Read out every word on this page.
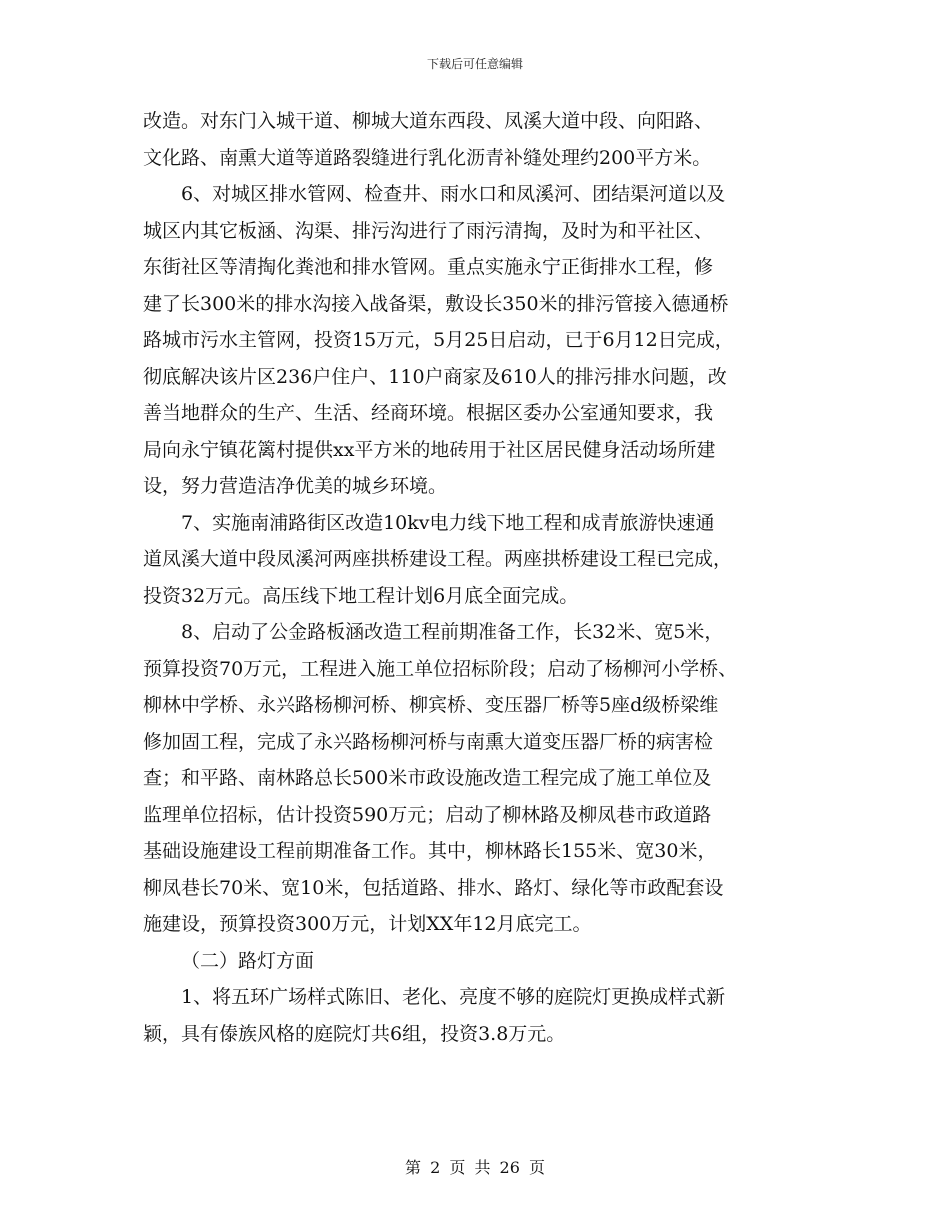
下载后可任意编辑
改造。对东门入城干道、柳城大道东西段、凤溪大道中段、向阳路、
文化路、南熏大道等道路裂缝进行乳化沥青补缝处理约200平方米。
6、对城区排水管网、检查井、雨水口和凤溪河、团结渠河道以及
城区内其它板涵、沟渠、排污沟进行了雨污清掏，及时为和平社区、
东街社区等清掏化粪池和排水管网。重点实施永宁正街排水工程，修
建了长300米的排水沟接入战备渠，敷设长350米的排污管接入德通桥
路城市污水主管网，投资15万元，5月25日启动，已于6月12日完成，
彻底解决该片区236户住户、110户商家及610人的排污排水问题，改
善当地群众的生产、生活、经商环境。根据区委办公室通知要求，我
局向永宁镇花篱村提供xx平方米的地砖用于社区居民健身活动场所建
设，努力营造洁净优美的城乡环境。
7、实施南浦路街区改造10kv电力线下地工程和成青旅游快速通
道凤溪大道中段凤溪河两座拱桥建设工程。两座拱桥建设工程已完成，
投资32万元。高压线下地工程计划6月底全面完成。
8、启动了公金路板涵改造工程前期准备工作，长32米、宽5米，
预算投资70万元，工程进入施工单位招标阶段；启动了杨柳河小学桥、
柳林中学桥、永兴路杨柳河桥、柳宾桥、变压器厂桥等5座d级桥梁维
修加固工程，完成了永兴路杨柳河桥与南熏大道变压器厂桥的病害检
查；和平路、南林路总长500米市政设施改造工程完成了施工单位及
监理单位招标，估计投资590万元；启动了柳林路及柳凤巷市政道路
基础设施建设工程前期准备工作。其中，柳林路长155米、宽30米，
柳凤巷长70米、宽10米，包括道路、排水、路灯、绿化等市政配套设
施建设，预算投资300万元，计划XX年12月底完工。
（二）路灯方面
1、将五环广场样式陈旧、老化、亮度不够的庭院灯更换成样式新
颖，具有傣族风格的庭院灯共6组，投资3.8万元。
第 2 页 共 26 页
